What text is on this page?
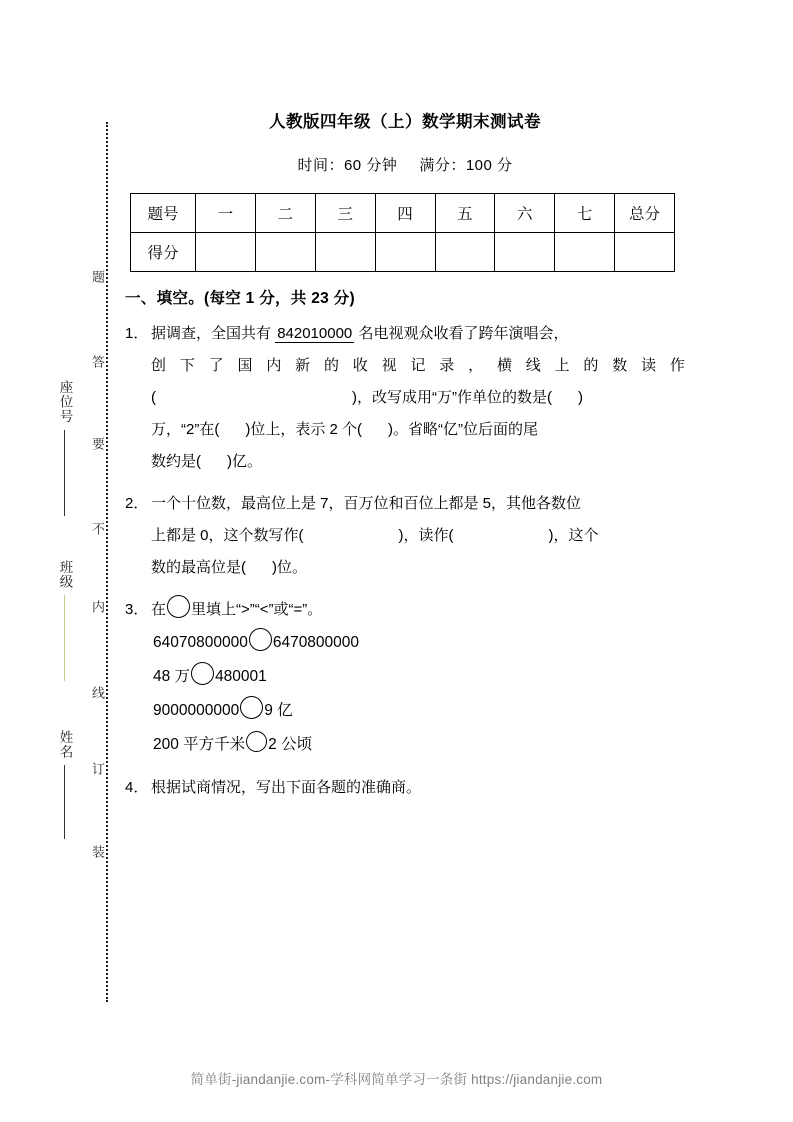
题
答
要
不
内
线
订
装
座位号
班级
姓名
人教版四年级（上）数学期末测试卷
时间：60 分钟 满分：100 分
题号	一	二	三	四	五	六	七	总分
得分								
一、填空。(每空 1 分，共 23 分)
1． 据调查，全国共有 842010000 名电视观众收看了跨年演唱会，
创 下 了 国 内 新 的 收 视 记 录 ， 横 线 上 的 数 读 作
(	)，改写成用“万”作单位的数是( )
万，“2”在( )位上，表示 2 个( )。省略“亿”位后面的尾
数约是( )亿。
2． 一个十位数，最高位上是 7，百万位和百位上都是 5，其他各数位
上都是 0，这个数写作(	)，读作(	)，这个
数的最高位是( )位。
3． 在 里填上“>”“<”或“=”。
64070800000 6470800000
48 万 480001
9000000000 9 亿
200 平方千米 2 公顷
4． 根据试商情况，写出下面各题的准确商。
简单街-jiandanjie.com-学科网简单学习一条街 https://jiandanjie.com
